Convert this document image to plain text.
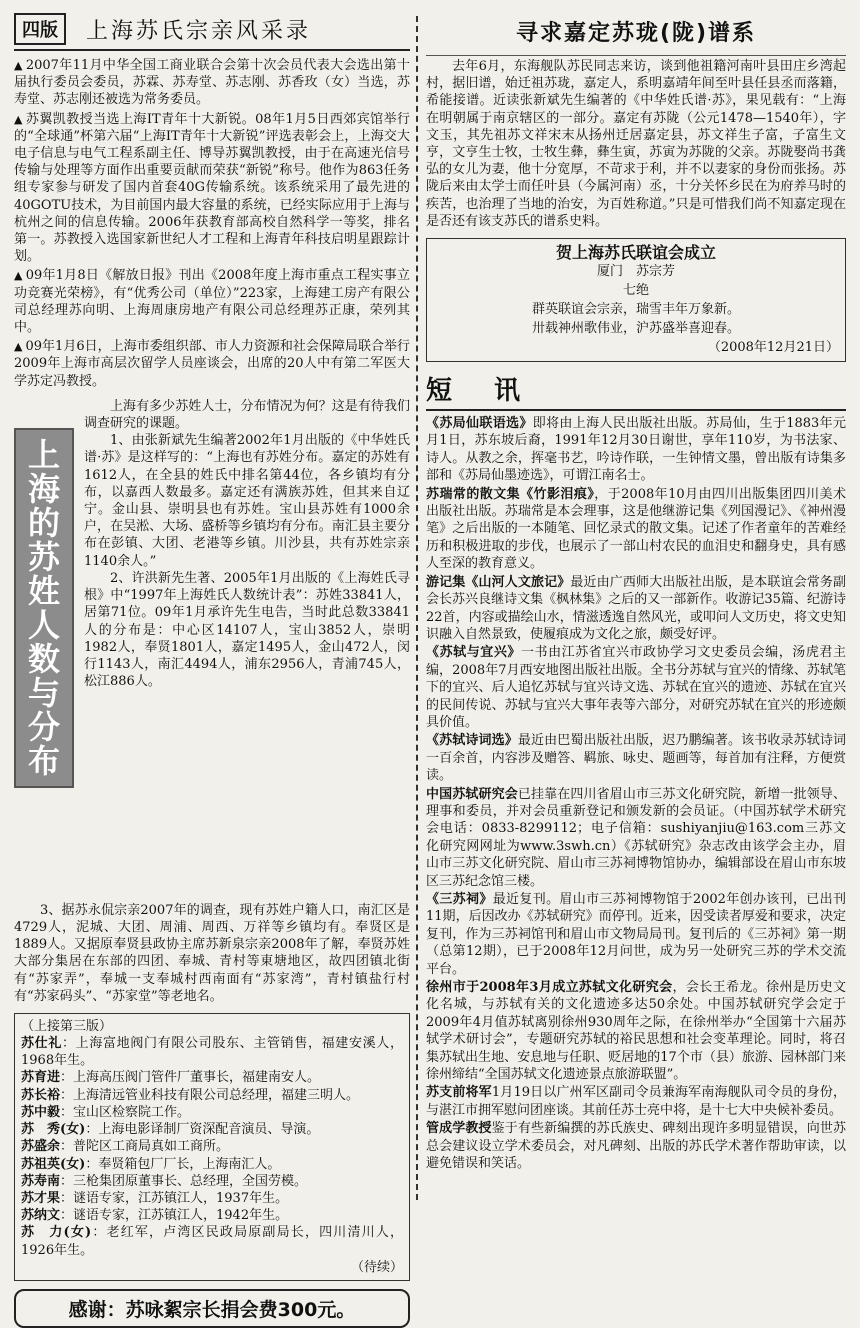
四版	上海苏氏宗亲风采录

▲ 2007年11月中华全国工商业联合会第十次会员代表大会选出第十届执行委员会委员，苏霖、苏寿堂、苏志刚、苏香玫（女）当选，苏寿堂、苏志刚还被选为常务委员。

▲ 苏翼凯教授当选上海IT青年十大新锐。08年1月5日西郊宾馆举行的“全球通”杯第六届“上海IT青年十大新锐”评选表彰会上，上海交大电子信息与电气工程系副主任、博导苏翼凯教授，由于在高速光信号传输与处理等方面作出重要贡献而荣获“新锐”称号。他作为863任务组专家参与研发了国内首套40G传输系统。该系统采用了最先进的40GOTU技术，为目前国内最大容量的系统，已经实际应用于上海与杭州之间的信息传输。2006年获教育部高校自然科学一等奖，排名第一。苏教授入选国家新世纪人才工程和上海青年科技启明星跟踪计划。

▲ 09年1月8日《解放日报》刊出《2008年度上海市重点工程实事立功竞赛光荣榜》，有“优秀公司（单位）”223家，上海建工房产有限公司总经理苏向明、上海周康房地产有限公司总经理苏正康，荣列其中。

▲ 09年1月6日，上海市委组织部、市人力资源和社会保障局联合举行2009年上海市高层次留学人员座谈会，出席的20人中有第二军医大学苏定冯教授。

上
海
的
苏
姓
人
数
与
分
布

上海有多少苏姓人士，分布情况为何？这是有待我们调查研究的课题。

1、由张新斌先生编著2002年1月出版的《中华姓氏谱·苏》是这样写的：“上海也有苏姓分布。嘉定的苏姓有1612人，在全县的姓氏中排名第44位，各乡镇均有分布，以嘉西人数最多。嘉定还有满族苏姓，但其来自辽宁。金山县、崇明县也有苏姓。宝山县苏姓有1000余户，在吴淞、大场、盛桥等乡镇均有分布。南汇县主要分布在彭镇、大团、老港等乡镇。川沙县，共有苏姓宗亲1140余人。”

2、许洪新先生著、2005年1月出版的《上海姓氏寻根》中“1997年上海姓氏人数统计表”：苏姓33841人，居第71位。09年1月承许先生电告，当时此总数33841人的分布是：中心区14107人，宝山3852人，崇明1982人，奉贤1801人，嘉定1495人，金山472人，闵行1143人，南汇4494人，浦东2956人，青浦745人，松江886人。

3、据苏永侃宗亲2007年的调查，现有苏姓户籍人口，南汇区是4729人，泥城、大团、周浦、周西、万祥等乡镇均有。奉贤区是1889人。又据原奉贤县政协主席苏新泉宗亲2008年了解，奉贤苏姓大部分集居在东部的四团、奉城、青村等東塘地区，故四团镇北街有“苏家弄”，奉城一支奉城村西南面有“苏家湾”，青村镇盐行村有“苏家码头”、“苏家堂”等老地名。

（上接第三版）

苏仕礼：上海富地阀门有限公司股东、主管销售，福建安溪人，1968年生。

苏育进：上海高压阀门管件厂董事长，福建南安人。

苏长裕：上海清远管业科技有限公司总经理，福建三明人。

苏中毅：宝山区检察院工作。

苏　秀(女)：上海电影译制厂资深配音演员、导演。

苏盛余：普陀区工商局真如工商所。

苏祖英(女)：奉贤箱包厂厂长，上海南汇人。

苏寿南：三枪集团原董事长、总经理，全国劳模。

苏才果：谜语专家，江苏镇江人，1937年生。

苏纳文：谜语专家，江苏镇江人，1942年生。

苏　力(女)：老红军，卢湾区民政局原副局长，四川清川人，1926年生。

（待续）

感谢：苏咏絮宗长捐会费300元。
寻求嘉定苏珑(陇)谱系

去年6月，东海舰队苏民同志来访，谈到他祖籍河南叶县田庄乡湾起村，据旧谱，始迁祖苏珑，嘉定人，系明嘉靖年间至叶县任县丞而落籍，希能接谱。近读张新斌先生编著的《中华姓氏谱·苏》，果见载有：“上海在明朝属于南京辖区的一部分。嘉定有苏陇（公元1478—1540年），字文玉，其先祖苏文祥宋末从扬州迁居嘉定县，苏文祥生子富，子富生文亨，文亨生士牧，士牧生彝，彝生寅，苏寅为苏陇的父亲。苏陇娶尚书龚弘的女儿为妻，他十分宽厚，不苛求于利，并不以妻家的身份而张扬。苏陇后来由太学士而任叶县（今属河南）丞，十分关怀乡民在为府养马时的疾苦，也治理了当地的治安，为百姓称道。”只是可惜我们尚不知嘉定现在是否还有该支苏氏的谱系史料。

贺上海苏氏联谊会成立
厦门　苏宗芳
七绝
群英联谊会宗亲，瑞雪丰年万象新。
卅载神州歌伟业，沪苏盛举喜迎春。
（2008年12月21日）
短　讯

《苏局仙联语选》即将由上海人民出版社出版。苏局仙，生于1883年元月1日，苏东坡后裔，1991年12月30日谢世，享年110岁，为书法家、诗人。从教之余，挥毫书艺，吟诗作联，一生钟情文墨，曾出版有诗集多部和《苏局仙墨迹选》，可谓江南名士。

苏瑞常的散文集《竹影泪痕》，于2008年10月由四川出版集团四川美术出版社出版。苏瑞常是本会理事，这是他继游记集《列国漫记》、《神州漫笔》之后出版的一本随笔、回忆录式的散文集。记述了作者童年的苦难经历和积极进取的步伐，也展示了一部山村农民的血泪史和翻身史，具有感人至深的教育意义。

游记集《山河人文旅记》最近由广西师大出版社出版，是本联谊会常务副会长苏兴良继诗文集《枫林集》之后的又一部新作。收游记35篇、纪游诗22首，内容或描绘山水，情滋透逸自然风光，或叩问人文历史，将文史知识融入自然景致，使履痕成为文化之旅，颇受好评。

《苏轼与宜兴》一书由江苏省宜兴市政协学习文史委员会编，汤虎君主编，2008年7月西安地图出版社出版。全书分苏轼与宜兴的情缘、苏轼笔下的宜兴、后人追忆苏轼与宜兴诗文选、苏轼在宜兴的遗迹、苏轼在宜兴的民间传说、苏轼与宜兴大事年表等六部分，对研究苏轼在宜兴的形迹颇具价值。

《苏轼诗词选》最近由巴蜀出版社出版，迟乃鹏编著。该书收录苏轼诗词一百余首，内容涉及赠答、羁旅、咏史、题画等，每首加有注释，方便赏读。

中国苏轼研究会已挂靠在四川省眉山市三苏文化研究院，新增一批领导、理事和委员，并对会员重新登记和颁发新的会员证。（中国苏轼学术研究会电话：0833-8299112；电子信箱：sushiyanjiu@163.com三苏文化研究网网址为www.3swh.cn）《苏轼研究》杂志改由该学会主办，眉山市三苏文化研究院、眉山市三苏祠博物馆协办，编辑部设在眉山市东坡区三苏纪念馆三楼。

《三苏祠》最近复刊。眉山市三苏祠博物馆于2002年创办该刊，已出刊11期，后因改办《苏轼研究》而停刊。近来，因受读者厚爱和要求，决定复刊，作为三苏祠馆刊和眉山市文物局局刊。复刊后的《三苏祠》第一期（总第12期），已于2008年12月问世，成为另一处研究三苏的学术交流平台。

徐州市于2008年3月成立苏轼文化研究会，会长王希龙。徐州是历史文化名城，与苏轼有关的文化遗迹多达50余处。中国苏轼研究学会定于2009年4月值苏轼离别徐州930周年之际，在徐州举办“全国第十六届苏轼学术研讨会”，专题研究苏轼的裕民思想和社会变革理论。同时，将召集苏轼出生地、安息地与任职、贬居地的17个市（县）旅游、园林部门来徐州缔结“全国苏轼文化遗迹景点旅游联盟”。

苏支前将军1月19日以广州军区副司令员兼海军南海舰队司令员的身份，与湛江市拥军慰问团座谈。其前任苏士亮中将，是十七大中央候补委员。

管成学教授鉴于有些新编撰的苏氏族史、碑刻出现许多明显错误，向世苏总会建议设立学术委员会，对凡碑刻、出版的苏氏学术著作帮助审读，以避免错误和笑话。
